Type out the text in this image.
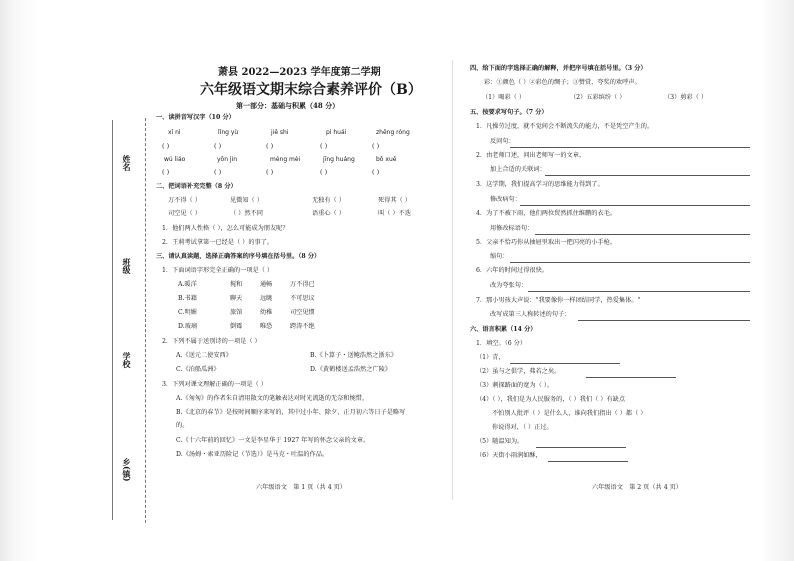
姓名
班级
学校
乡(镇)
萧县 2022—2023 学年度第二学期
六年级语文期末综合素养评价（B）
第一部分：基础与积累（48 分）
一、读拼音写汉字（10 分）
xī nì	lǐng yù	jiē shi	pì huái	zhēng róng
( )	( )	( )	( )	( )
wú liáo	yōn jìn	mèng mèi	jīng huáng	bō xuē
( )	( )	( )	( )	( )
二、把词语补充完整（8 分）
万不得（ ）	见微知（ ）	无独有（ ）	死得其（ ）
司空见（ ）	（ ）然不同	语重心（ ）	叫（ ）不迭
1．他们两人性格（ ），怎么可能成为朋友呢？
2．王莉考试拿第一已经是（ ）的事了。
三、请认真读题，选择正确答案的序号填在括号里。（8 分）
1．下面词语字形完全正确的一项是（ ）
A.暖洋	搅和	通畅	万不得已
B.书籍	聊天	远眺	不可思议
C.明媚	旅馆	幼稚	司空见惯
D.玻璃	倒霉	唯恐	跨涛不绝
2．下列不属于送别诗的一项是（ ）
A.《送元二使安西》	B.《卜算子・送鲍浩然之浙东》
C.《泊船瓜洲》	D.《黄鹤楼送孟浩然之广陵》
3．下列对课文理解正确的一项是（ ）
A.《匆匆》的作者朱自清用散文的笔触表达对时光流逝的无奈和惋惜。
B.《北京的春节》是按时间顺序来写的，其中过小年、除夕、正月初六等日子是略写
的。
C.《十六年前的回忆》一文是李星华于 1927 年写的怀念父亲的文章。
D.《汤姆・索亚历险记（节选）》是马克・吐温的作品。
六年级语文　第 1 页（共 4 页）
四、给下面的字选择正确的解释，并把序号填在括号里。（3 分）
彩：①颜色（ ）②彩色的绸子；③赞赏、夸奖的欢呼声。
（1）喝彩（ ）	（2）五彩缤纷（ ）	（3）剪彩（ ）
五、按要求写句子。（7 分）
1．凡操劳过度，就不觉间会不断流失的能力，不是凭空产生的。
反问句：
2．由老师口述，问出老师写一的文章。
加上合适的关联词：
3．这学期，我们提高学习的思维能力得到了。
修改病句：
4．为了不被下雨，他们两位贸然抓住维鹏的衣毛。
用修改标语句：
5．父亲不恰巧你从抽屉里取出一把闪亮的小手枪。
缩句：
6．六年的时间过得很快。
改为夸张句：
7．那小男孩大声说："我要像你一样团结同学，热爱集体。"
改写成第三人称转述的句子：
六、语言积累（14 分）
1．填空。（6 分）
（1）青，
（2）虽与之俱学，弗若之矣。
（3）刺探路面的宽为（ ）。
（4）（ ），我们是为人民服务的，（ ）我们（ ）有缺点
不怕别人批评（ ）是什么人，谁向我们指出（ ）都（ ）
你说得对，（ ）正过。
（5）随温知为。
（6）天街小雨润如酥，
六年级语文　第 2 页（共 4 页）
